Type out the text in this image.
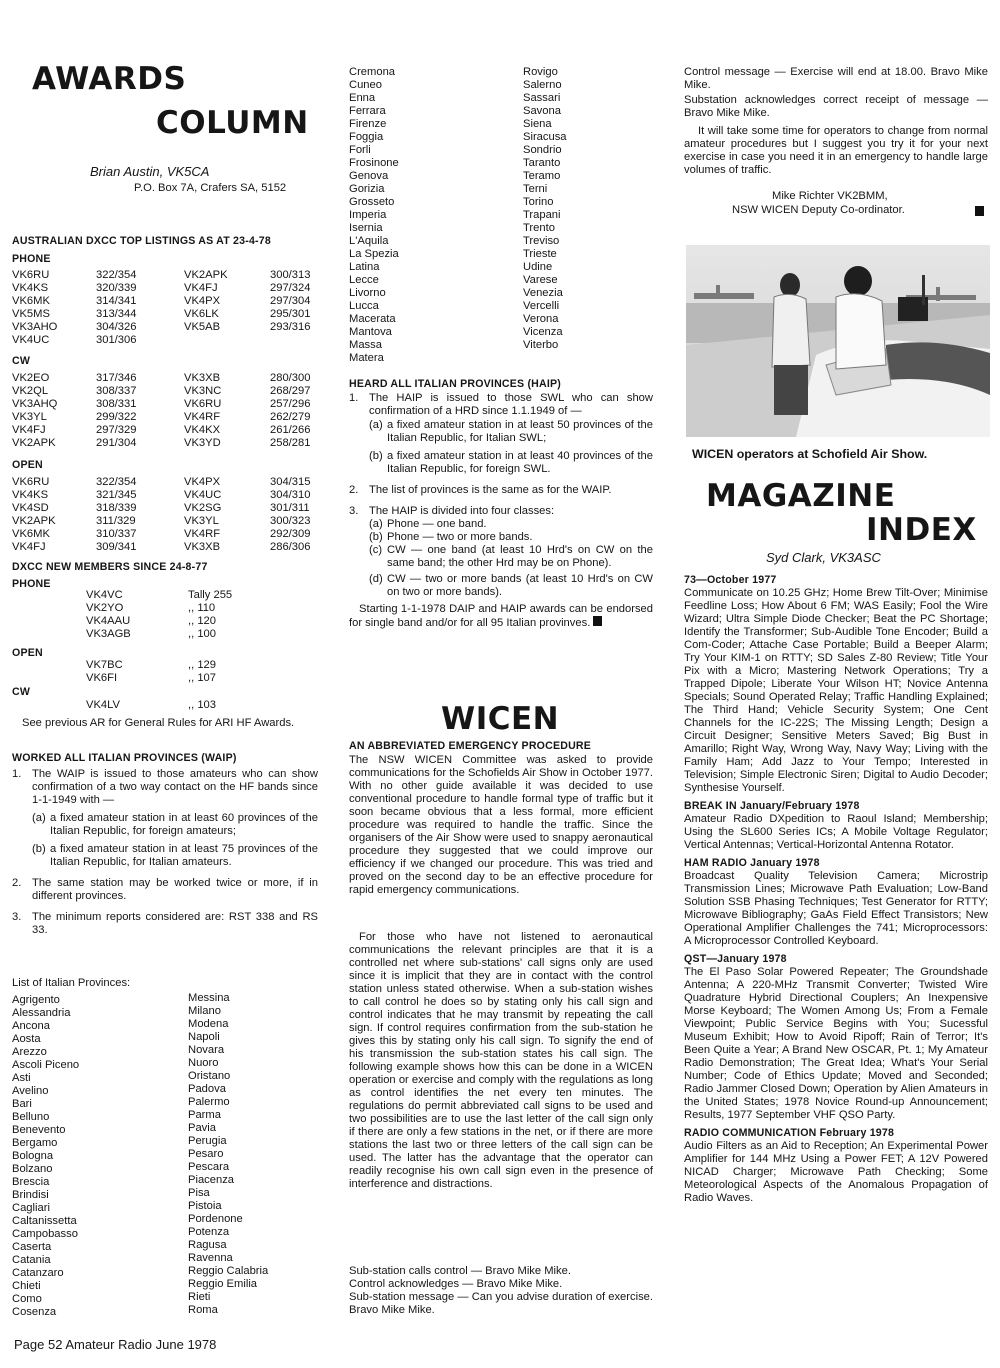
AWARDS
COLUMN
Brian Austin, VK5CA
P.O. Box 7A, Crafers SA, 5152
AUSTRALIAN DXCC TOP LISTINGS AS AT 23-4-78
PHONE
VK6RU	322/354	VK2APK	300/313
VK4KS	320/339	VK4FJ	297/324
VK6MK	314/341	VK4PX	297/304
VK5MS	313/344	VK6LK	295/301
VK3AHO	304/326	VK5AB	293/316
VK4UC	301/306		
CW
VK2EO	317/346	VK3XB	280/300
VK2QL	308/337	VK3NC	268/297
VK3AHQ	308/331	VK6RU	257/296
VK3YL	299/322	VK4RF	262/279
VK4FJ	297/329	VK4KX	261/266
VK2APK	291/304	VK3YD	258/281
OPEN
VK6RU	322/354	VK4PX	304/315
VK4KS	321/345	VK4UC	304/310
VK4SD	318/339	VK2SG	301/311
VK2APK	311/329	VK3YL	300/323
VK6MK	310/337	VK4RF	292/309
VK4FJ	309/341	VK3XB	286/306
DXCC NEW MEMBERS SINCE 24-8-77
PHONE
VK4VC	Tally 255
VK2YO	,, 110
VK4AAU	,, 120
VK3AGB	,, 100
OPEN
VK7BC	,, 129
VK6FI	,, 107
CW
VK4LV	,, 103
See previous AR for General Rules for ARI HF Awards.
WORKED ALL ITALIAN PROVINCES (WAIP)
1. The WAIP is issued to those amateurs who can show confirmation of a two way contact on the HF bands since 1-1-1949 with —
(a) a fixed amateur station in at least 60 provinces of the Italian Republic, for foreign amateurs;
(b) a fixed amateur station in at least 75 provinces of the Italian Republic, for Italian amateurs.
2. The same station may be worked twice or more, if in different provinces.
3. The minimum reports considered are: RST 338 and RS 33.
List of Italian Provinces:
Agrigento
Alessandria
Ancona
Aosta
Arezzo
Ascoli Piceno
Asti
Avelino
Bari
Belluno
Benevento
Bergamo
Bologna
Bolzano
Brescia
Brindisi
Cagliari
Caltanissetta
Campobasso
Caserta
Catania
Catanzaro
Chieti
Como
Cosenza
Messina
Milano
Modena
Napoli
Novara
Nuoro
Oristano
Padova
Palermo
Parma
Pavia
Perugia
Pesaro
Pescara
Piacenza
Pisa
Pistoia
Pordenone
Potenza
Ragusa
Ravenna
Reggio Calabria
Reggio Emilia
Rieti
Roma
Cremona
Cuneo
Enna
Ferrara
Firenze
Foggia
Forli
Frosinone
Genova
Gorizia
Grosseto
Imperia
Isernia
L'Aquila
La Spezia
Latina
Lecce
Livorno
Lucca
Macerata
Mantova
Massa
Matera
Rovigo
Salerno
Sassari
Savona
Siena
Siracusa
Sondrio
Taranto
Teramo
Terni
Torino
Trapani
Trento
Treviso
Trieste
Udine
Varese
Venezia
Vercelli
Verona
Vicenza
Viterbo
HEARD ALL ITALIAN PROVINCES (HAIP)
1. The HAIP is issued to those SWL who can show confirmation of a HRD since 1.1.1949 of —
(a) a fixed amateur station in at least 50 provinces of the Italian Republic, for Italian SWL;
(b) a fixed amateur station in at least 40 provinces of the Italian Republic, for foreign SWL.
2. The list of provinces is the same as for the WAIP.
3. The HAIP is divided into four classes:
(a) Phone — one band.
(b) Phone — two or more bands.
(c) CW — one band (at least 10 Hrd's on CW on the same band; the other Hrd may be on Phone).
(d) CW — two or more bands (at least 10 Hrd's on CW on two or more bands).
Starting 1-1-1978 DAIP and HAIP awards can be endorsed for single band and/or for all 95 Italian provinves.
WICEN
AN ABBREVIATED EMERGENCY PROCEDURE
The NSW WICEN Committee was asked to provide communications for the Schofields Air Show in October 1977. With no other guide available it was decided to use conventional procedure to handle formal type of traffic but it soon became obvious that a less formal, more efficient procedure was required to handle the traffic. Since the organisers of the Air Show were used to snappy aeronautical procedure they suggested that we could improve our efficiency if we changed our procedure. This was tried and proved on the second day to be an effective procedure for rapid emergency communications.
For those who have not listened to aeronautical communications the relevant principles are that it is a controlled net where sub-stations' call signs only are used since it is implicit that they are in contact with the control station unless stated otherwise. When a sub-station wishes to call control he does so by stating only his call sign and control indicates that he may transmit by repeating the call sign. If control requires confirmation from the sub-station he gives this by stating only his call sign. To signify the end of his transmission the sub-station states his call sign. The following example shows how this can be done in a WICEN operation or exercise and comply with the regulations as long as control identifies the net every ten minutes. The regulations do permit abbreviated call signs to be used and two possibilities are to use the last letter of the call sign only if there are only a few stations in the net, or if there are more stations the last two or three letters of the call sign can be used. The latter has the advantage that the operator can readily recognise his own call sign even in the presence of interference and distractions.
Sub-station calls control — Bravo Mike Mike.
Control acknowledges — Bravo Mike Mike.
Sub-station message — Can you advise duration of exercise. Bravo Mike Mike.
Control message — Exercise will end at 18.00. Bravo Mike Mike.
Substation acknowledges correct receipt of message — Bravo Mike Mike.
It will take some time for operators to change from normal amateur procedures but I suggest you try it for your next exercise in case you need it in an emergency to handle large volumes of traffic.
Mike Richter VK2BMM,
NSW WICEN Deputy Co-ordinator.
WICEN operators at Schofield Air Show.
MAGAZINE
INDEX
Syd Clark, VK3ASC
73—October 1977
Communicate on 10.25 GHz; Home Brew Tilt-Over; Minimise Feedline Loss; How About 6 FM; WAS Easily; Fool the Wire Wizard; Ultra Simple Diode Checker; Beat the PC Shortage; Identify the Transformer; Sub-Audible Tone Encoder; Build a Com-Coder; Attache Case Portable; Build a Beeper Alarm; Try Your KIM-1 on RTTY; SD Sales Z-80 Review; Title Your Pix with a Micro; Mastering Network Operations; Try a Trapped Dipole; Liberate Your Wilson HT; Novice Antenna Specials; Sound Operated Relay; Traffic Handling Explained; The Third Hand; Vehicle Security System; One Cent Channels for the IC-22S; The Missing Length; Design a Circuit Designer; Sensitive Meters Saved; Big Bust in Amarillo; Right Way, Wrong Way, Navy Way; Living with the Family Ham; Add Jazz to Your Tempo; Interested in Television; Simple Electronic Siren; Digital to Audio Decoder; Synthesise Yourself.
BREAK IN January/February 1978
Amateur Radio DXpedition to Raoul Island; Membership; Using the SL600 Series ICs; A Mobile Voltage Regulator; Vertical Antennas; Vertical-Horizontal Antenna Rotator.
HAM RADIO January 1978
Broadcast Quality Television Camera; Microstrip Transmission Lines; Microwave Path Evaluation; Low-Band Solution SSB Phasing Techniques; Test Generator for RTTY; Microwave Bibliography; GaAs Field Effect Transistors; New Operational Amplifier Challenges the 741; Microprocessors: A Microprocessor Controlled Keyboard.
QST—January 1978
The El Paso Solar Powered Repeater; The Groundshade Antenna; A 220-MHz Transmit Converter; Twisted Wire Quadrature Hybrid Directional Couplers; An Inexpensive Morse Keyboard; The Women Among Us; From a Female Viewpoint; Public Service Begins with You; Sucessful Museum Exhibit; How to Avoid Ripoff; Rain of Terror; It's Been Quite a Year; A Brand New OSCAR, Pt. 1; My Amateur Radio Demonstration; The Great Idea; What's Your Serial Number; Code of Ethics Update; Moved and Seconded; Radio Jammer Closed Down; Operation by Alien Amateurs in the United States; 1978 Novice Round-up Announcement; Results, 1977 September VHF QSO Party.
RADIO COMMUNICATION February 1978
Audio Filters as an Aid to Reception; An Experimental Power Amplifier for 144 MHz Using a Power FET; A 12V Powered NICAD Charger; Microwave Path Checking; Some Meteorological Aspects of the Anomalous Propagation of Radio Waves.
Page 52 Amateur Radio June 1978
